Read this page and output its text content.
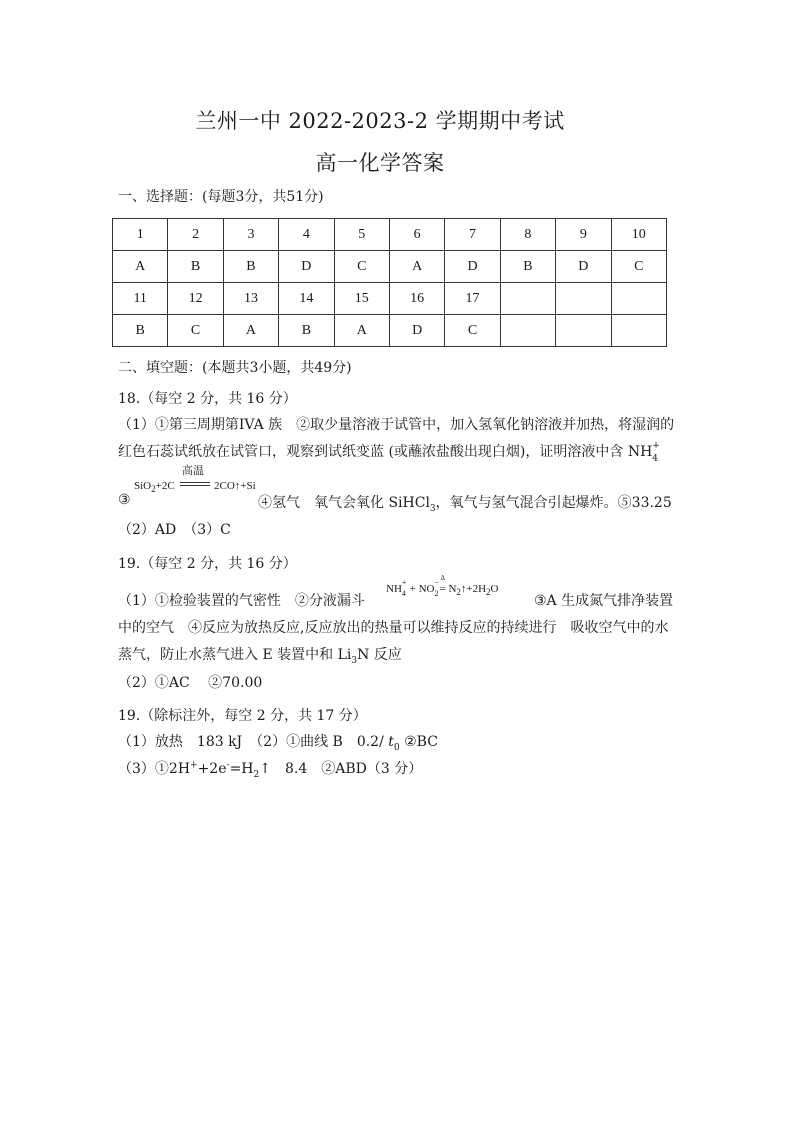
兰州一中 2022-2023-2 学期期中考试
高一化学答案
一、选择题：(每题3分，共51分)
1	2	3	4	5	6	7	8	9	10
A	B	B	D	C	A	D	B	D	C
11	12	13	14	15	16	17			
B	C	A	B	A	D	C			
二、填空题：(本题共3小题，共49分)
18.（每空 2 分，共 16 分）
（1）①第三周期第IVA 族　②取少量溶液于试管中，加入氢氧化钠溶液并加热，将湿润的
红色石蕊试纸放在试管口，观察到试纸变蓝 (或蘸浓盐酸出现白烟)，证明溶液中含 NH +
4
高温
SiO$_2$+2C	2CO↑+Si
③	④氢气　氧气会氧化 SiHCl$_3$，氧气与氢气混合引起爆炸。⑤33.25
（2）AD　（3）C
19.（每空 2 分，共 16 分）
（1）①检验装置的气密性　②分液漏斗
NH
+
4 + NO
−
2
Δ
= $N_2↑+2H_2O$
③A 生成氮气排净装置
中的空气　④反应为放热反应,反应放出的热量可以维持反应的持续进行　吸收空气中的水
蒸气，防止水蒸气进入 E 装置中和 $Li_3N$ 反应
（2）①AC　 ②70.00
19.（除标注外，每空 2 分，共 17 分）
（1）放热　183 kJ　（2）①曲线 B　0.2/ $t_0$ ②BC
$(3)①2H^++2e^-=H_2↑$　8.4　②ABD（3 分）
